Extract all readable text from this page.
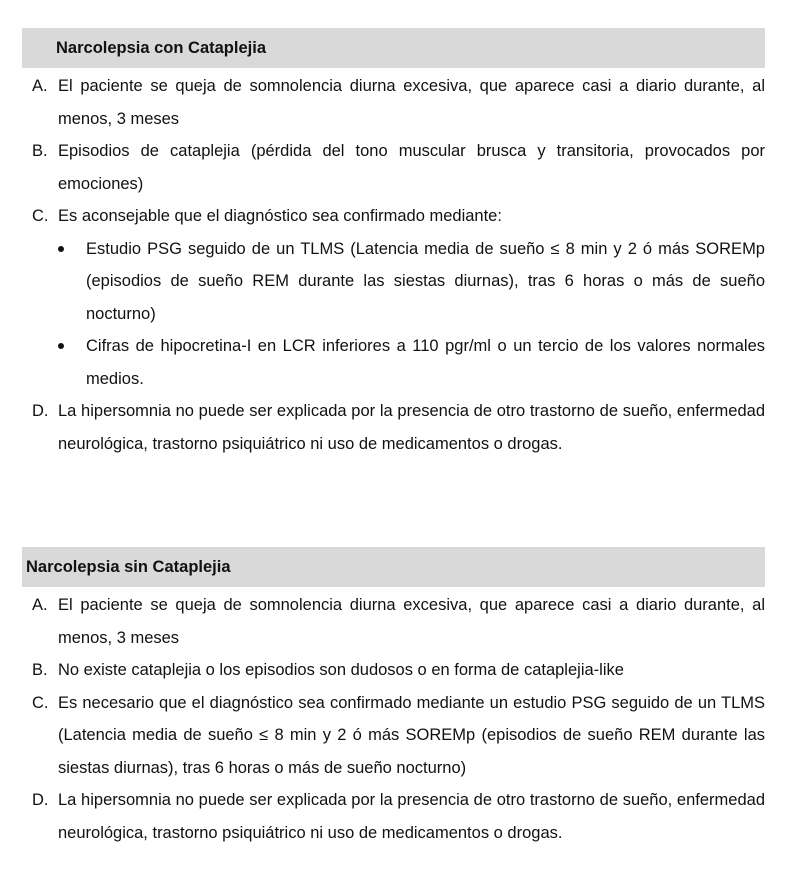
Narcolepsia con Cataplejia
A. El paciente se queja de somnolencia diurna excesiva, que aparece casi a diario durante, al menos, 3 meses
B. Episodios de cataplejia (pérdida del tono muscular brusca y transitoria, provocados por emociones)
C. Es aconsejable que el diagnóstico sea confirmado mediante:
Estudio PSG seguido de un TLMS (Latencia media de sueño ≤ 8 min y 2 ó más SOREMp (episodios de sueño REM durante las siestas diurnas), tras 6 horas o más de sueño nocturno)
Cifras de hipocretina-I en LCR inferiores a 110 pgr/ml o un tercio de los valores normales medios.
D. La hipersomnia no puede ser explicada por la presencia de otro trastorno de sueño, enfermedad neurológica, trastorno psiquiátrico ni uso de medicamentos o drogas.
Narcolepsia sin Cataplejia
A. El paciente se queja de somnolencia diurna excesiva, que aparece casi a diario durante, al menos, 3 meses
B. No existe cataplejia o los episodios son dudosos o en forma de cataplejia-like
C. Es necesario que el diagnóstico sea confirmado mediante un estudio PSG seguido de un TLMS (Latencia media de sueño ≤ 8 min y 2 ó más SOREMp (episodios de sueño REM durante las siestas diurnas), tras 6 horas o más de sueño nocturno)
D. La hipersomnia no puede ser explicada por la presencia de otro trastorno de sueño, enfermedad neurológica, trastorno psiquiátrico ni uso de medicamentos o drogas.
